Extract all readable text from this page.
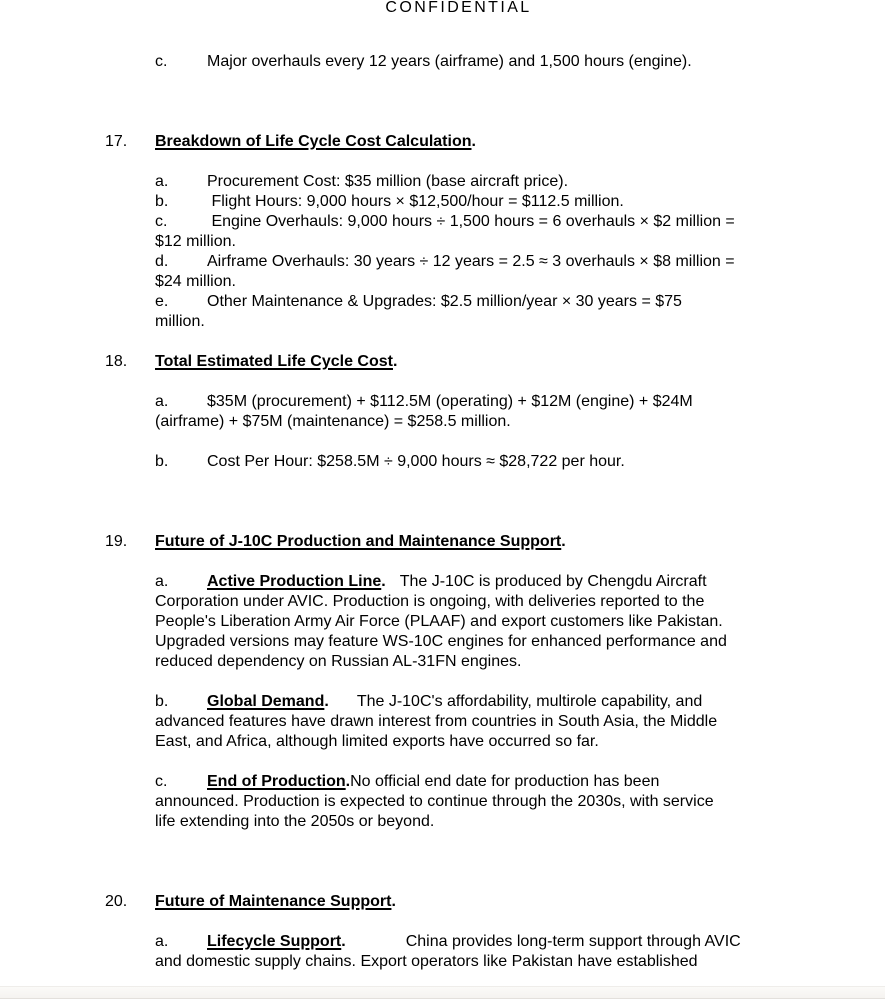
CONFIDENTIAL
c. Major overhauls every 12 years (airframe) and 1,500 hours (engine).
17. Breakdown of Life Cycle Cost Calculation.
a. Procurement Cost: $35 million (base aircraft price).
b. Flight Hours: 9,000 hours × $12,500/hour = $112.5 million.
c. Engine Overhauls: 9,000 hours ÷ 1,500 hours = 6 overhauls × $2 million =
$12 million.
d. Airframe Overhauls: 30 years ÷ 12 years = 2.5 ≈ 3 overhauls × $8 million =
$24 million.
e. Other Maintenance & Upgrades: $2.5 million/year × 30 years = $75
million.
18. Total Estimated Life Cycle Cost.
a. $35M (procurement) + $112.5M (operating) + $12M (engine) + $24M
(airframe) + $75M (maintenance) = $258.5 million.
b. Cost Per Hour: $258.5M ÷ 9,000 hours ≈ $28,722 per hour.
19. Future of J-10C Production and Maintenance Support.
a. Active Production Line. The J-10C is produced by Chengdu Aircraft
Corporation under AVIC. Production is ongoing, with deliveries reported to the
People's Liberation Army Air Force (PLAAF) and export customers like Pakistan.
Upgraded versions may feature WS-10C engines for enhanced performance and
reduced dependency on Russian AL-31FN engines.
b. Global Demand. The J-10C's affordability, multirole capability, and
advanced features have drawn interest from countries in South Asia, the Middle
East, and Africa, although limited exports have occurred so far.
c. End of Production.No official end date for production has been
announced. Production is expected to continue through the 2030s, with service
life extending into the 2050s or beyond.
20. Future of Maintenance Support.
a. Lifecycle Support.	China provides long-term support through AVIC
and domestic supply chains. Export operators like Pakistan have established
